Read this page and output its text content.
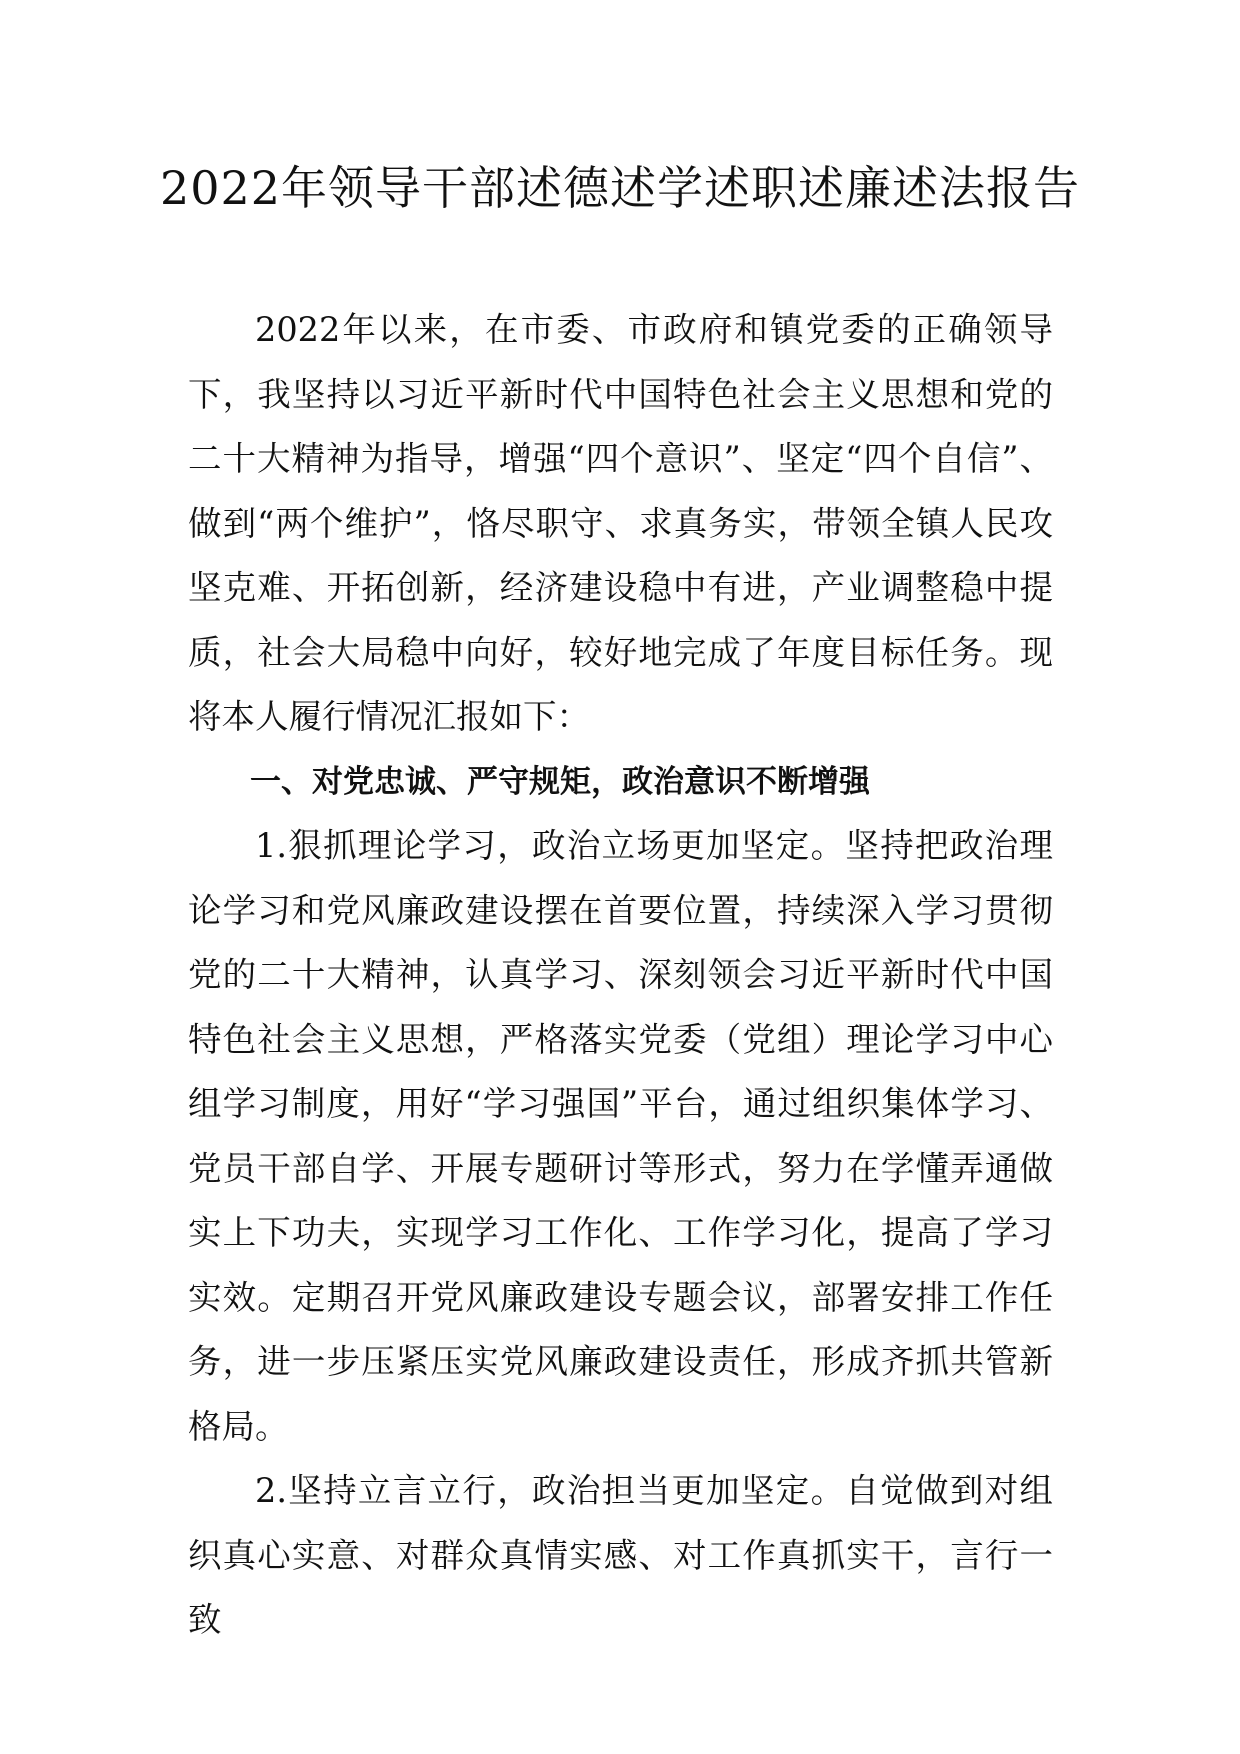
2022年领导干部述德述学述职述廉述法报告

2022年以来，在市委、市政府和镇党委的正确领导下，我坚持以习近平新时代中国特色社会主义思想和党的二十大精神为指导，增强“四个意识”、坚定“四个自信”、做到“两个维护”，恪尽职守、求真务实，带领全镇人民攻坚克难、开拓创新，经济建设稳中有进，产业调整稳中提质，社会大局稳中向好，较好地完成了年度目标任务。现将本人履行情况汇报如下：

一、对党忠诚、严守规矩，政治意识不断增强

1.狠抓理论学习，政治立场更加坚定。坚持把政治理论学习和党风廉政建设摆在首要位置，持续深入学习贯彻党的二十大精神，认真学习、深刻领会习近平新时代中国特色社会主义思想，严格落实党委（党组）理论学习中心组学习制度，用好“学习强国”平台，通过组织集体学习、党员干部自学、开展专题研讨等形式，努力在学懂弄通做实上下功夫，实现学习工作化、工作学习化，提高了学习实效。定期召开党风廉政建设专题会议，部署安排工作任务，进一步压紧压实党风廉政建设责任，形成齐抓共管新格局。

2.坚持立言立行，政治担当更加坚定。自觉做到对组织真心实意、对群众真情实感、对工作真抓实干，言行一致
